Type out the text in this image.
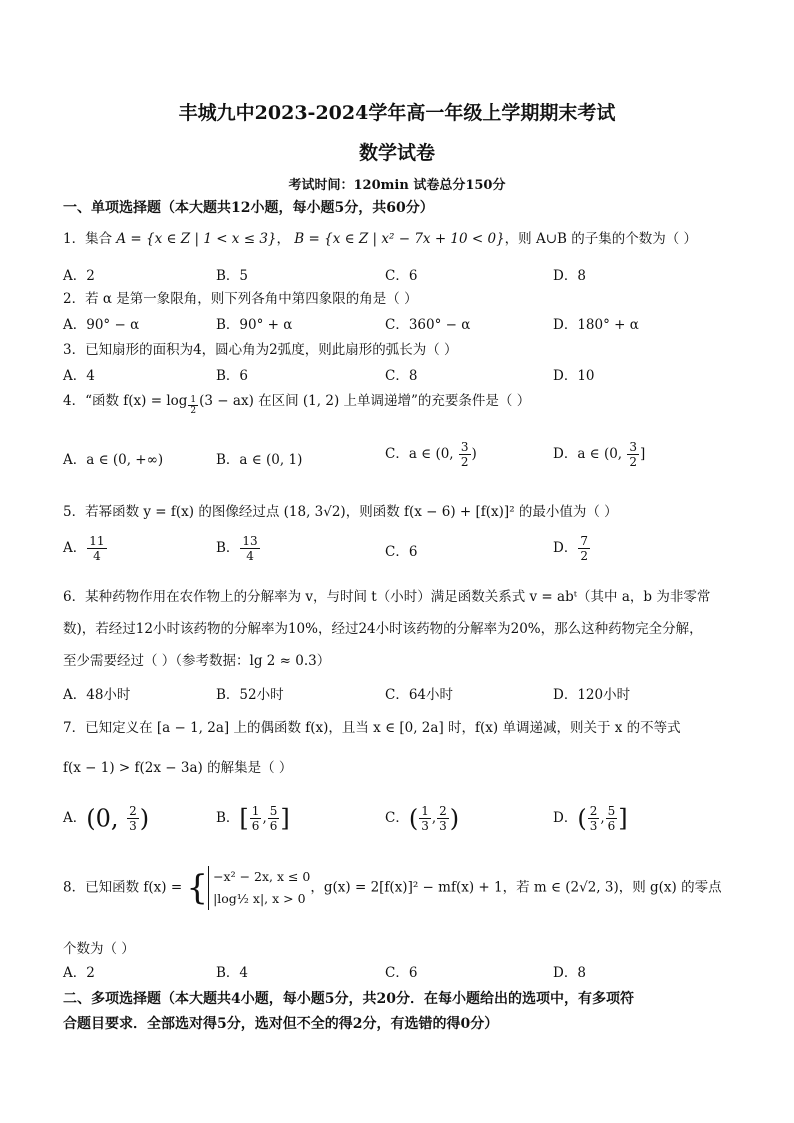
丰城九中2023-2024学年高一年级上学期期末考试
数学试卷
考试时间：120min 试卷总分150分
一、单项选择题（本大题共12小题，每小题5分，共60分）
1．集合 A = {x ∈ Z | 1 < x ≤ 3}， B = {x ∈ Z | x² − 7x + 10 < 0}，则 A∪B 的子集的个数为（ ）
A．2	B．5	C．6	D．8
2．若 α 是第一象限角，则下列各角中第四象限的角是（ ）
A．90° − α	B．90° + α	C．360° − α	D．180° + α
3．已知扇形的面积为4，圆心角为2弧度，则此扇形的弧长为（ ）
A．4	B．6	C．8	D．10
4．“函数 $f(x) = \log \frac{1}{2} (3 - ax)$ 在区间 (1, 2) 上单调递增”的充要条件是（ ）
A．a ∈ (0, +∞)	B．a ∈ (0, 1)	C．a ∈ (0, $\frac{3}{2}$ )	D．a ∈ (0, $\frac{3}{2}$ ]
5．若幂函数 y = f(x) 的图像经过点 (18, 3√2)，则函数 f(x − 6) + [f(x)]² 的最小值为（ ）
A． $\frac{11}{4}$	B． $\frac{13}{4}$	C．6	D． $\frac{7}{2}$
6．某种药物作用在农作物上的分解率为 v，与时间 t（小时）满足函数关系式 v = abᵗ（其中 a，b 为非零常
数)，若经过12小时该药物的分解率为10%，经过24小时该药物的分解率为20%，那么这种药物完全分解，
至少需要经过（ ）（参考数据：lg 2 ≈ 0.3）
A．48小时	B．52小时	C．64小时	D．120小时
7．已知定义在 [a − 1, 2a] 上的偶函数 f(x)，且当 x ∈ [0, 2a] 时，f(x) 单调递减，则关于 x 的不等式
f(x − 1) > f(2x − 3a) 的解集是（ ）
A．(0, $\frac{2}{3}$ )	B．[ $\frac{1}{6}$ , $\frac{5}{6}$ ]	C．( $\frac{1}{3}$ , $\frac{2}{3}$ )	D．( $\frac{2}{3}$ , $\frac{5}{6}$ ]
8．已知函数 f(x) = { −x² − 2x, x ≤ 0
|log½ x|, x > 0
，g(x) = 2[f(x)]² − mf(x) + 1，若 m ∈ (2√2, 3)，则 g(x) 的零点
个数为（ ）
A．2	B．4	C．6	D．8
二、多项选择题（本大题共4小题，每小题5分，共20分．在每小题给出的选项中，有多项符
合题目要求．全部选对得5分，选对但不全的得2分，有选错的得0分）
